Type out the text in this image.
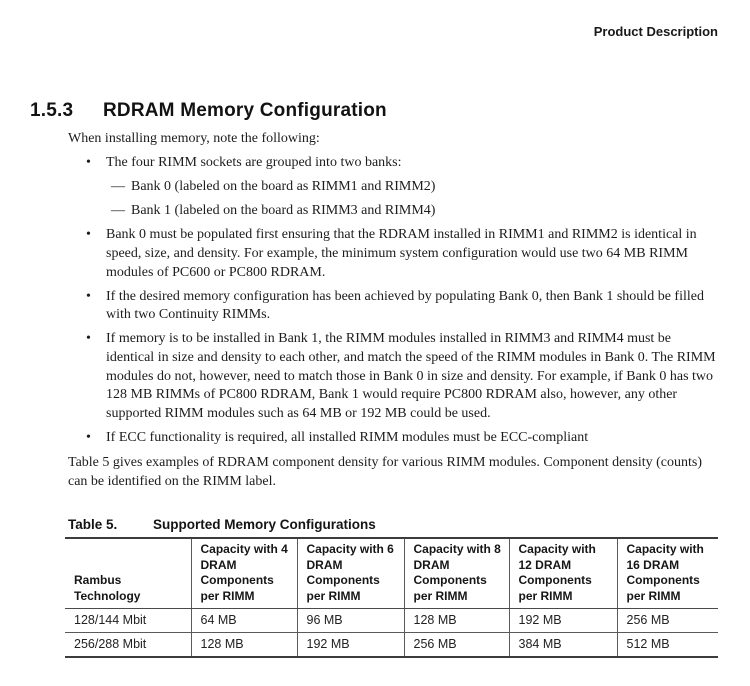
Product Description
1.5.3	RDRAM Memory Configuration

When installing memory, note the following:

•	The four RIMM sockets are grouped into two banks:
— Bank 0 (labeled on the board as RIMM1 and RIMM2)
— Bank 1 (labeled on the board as RIMM3 and RIMM4)
•	Bank 0 must be populated first ensuring that the RDRAM installed in RIMM1 and RIMM2 is identical in speed, size, and density. For example, the minimum system configuration would use two 64 MB RIMM modules of PC600 or PC800 RDRAM.
•	If the desired memory configuration has been achieved by populating Bank 0, then Bank 1 should be filled with two Continuity RIMMs.
•	If memory is to be installed in Bank 1, the RIMM modules installed in RIMM3 and RIMM4 must be identical in size and density to each other, and match the speed of the RIMM modules in Bank 0. The RIMM modules do not, however, need to match those in Bank 0 in size and density. For example, if Bank 0 has two 128 MB RIMMs of PC800 RDRAM, Bank 1 would require PC800 RDRAM also, however, any other supported RIMM modules such as 64 MB or 192 MB could be used.
•	If ECC functionality is required, all installed RIMM modules must be ECC-compliant

Table 5 gives examples of RDRAM component density for various RIMM modules. Component density (counts) can be identified on the RIMM label.

Table 5.	Supported Memory Configurations
Rambus Technology	Capacity with 4 DRAM Components per RIMM	Capacity with 6 DRAM Components per RIMM	Capacity with 8 DRAM Components per RIMM	Capacity with 12 DRAM Components per RIMM	Capacity with 16 DRAM Components per RIMM
128/144 Mbit	64 MB	96 MB	128 MB	192 MB	256 MB
256/288 Mbit	128 MB	192 MB	256 MB	384 MB	512 MB
